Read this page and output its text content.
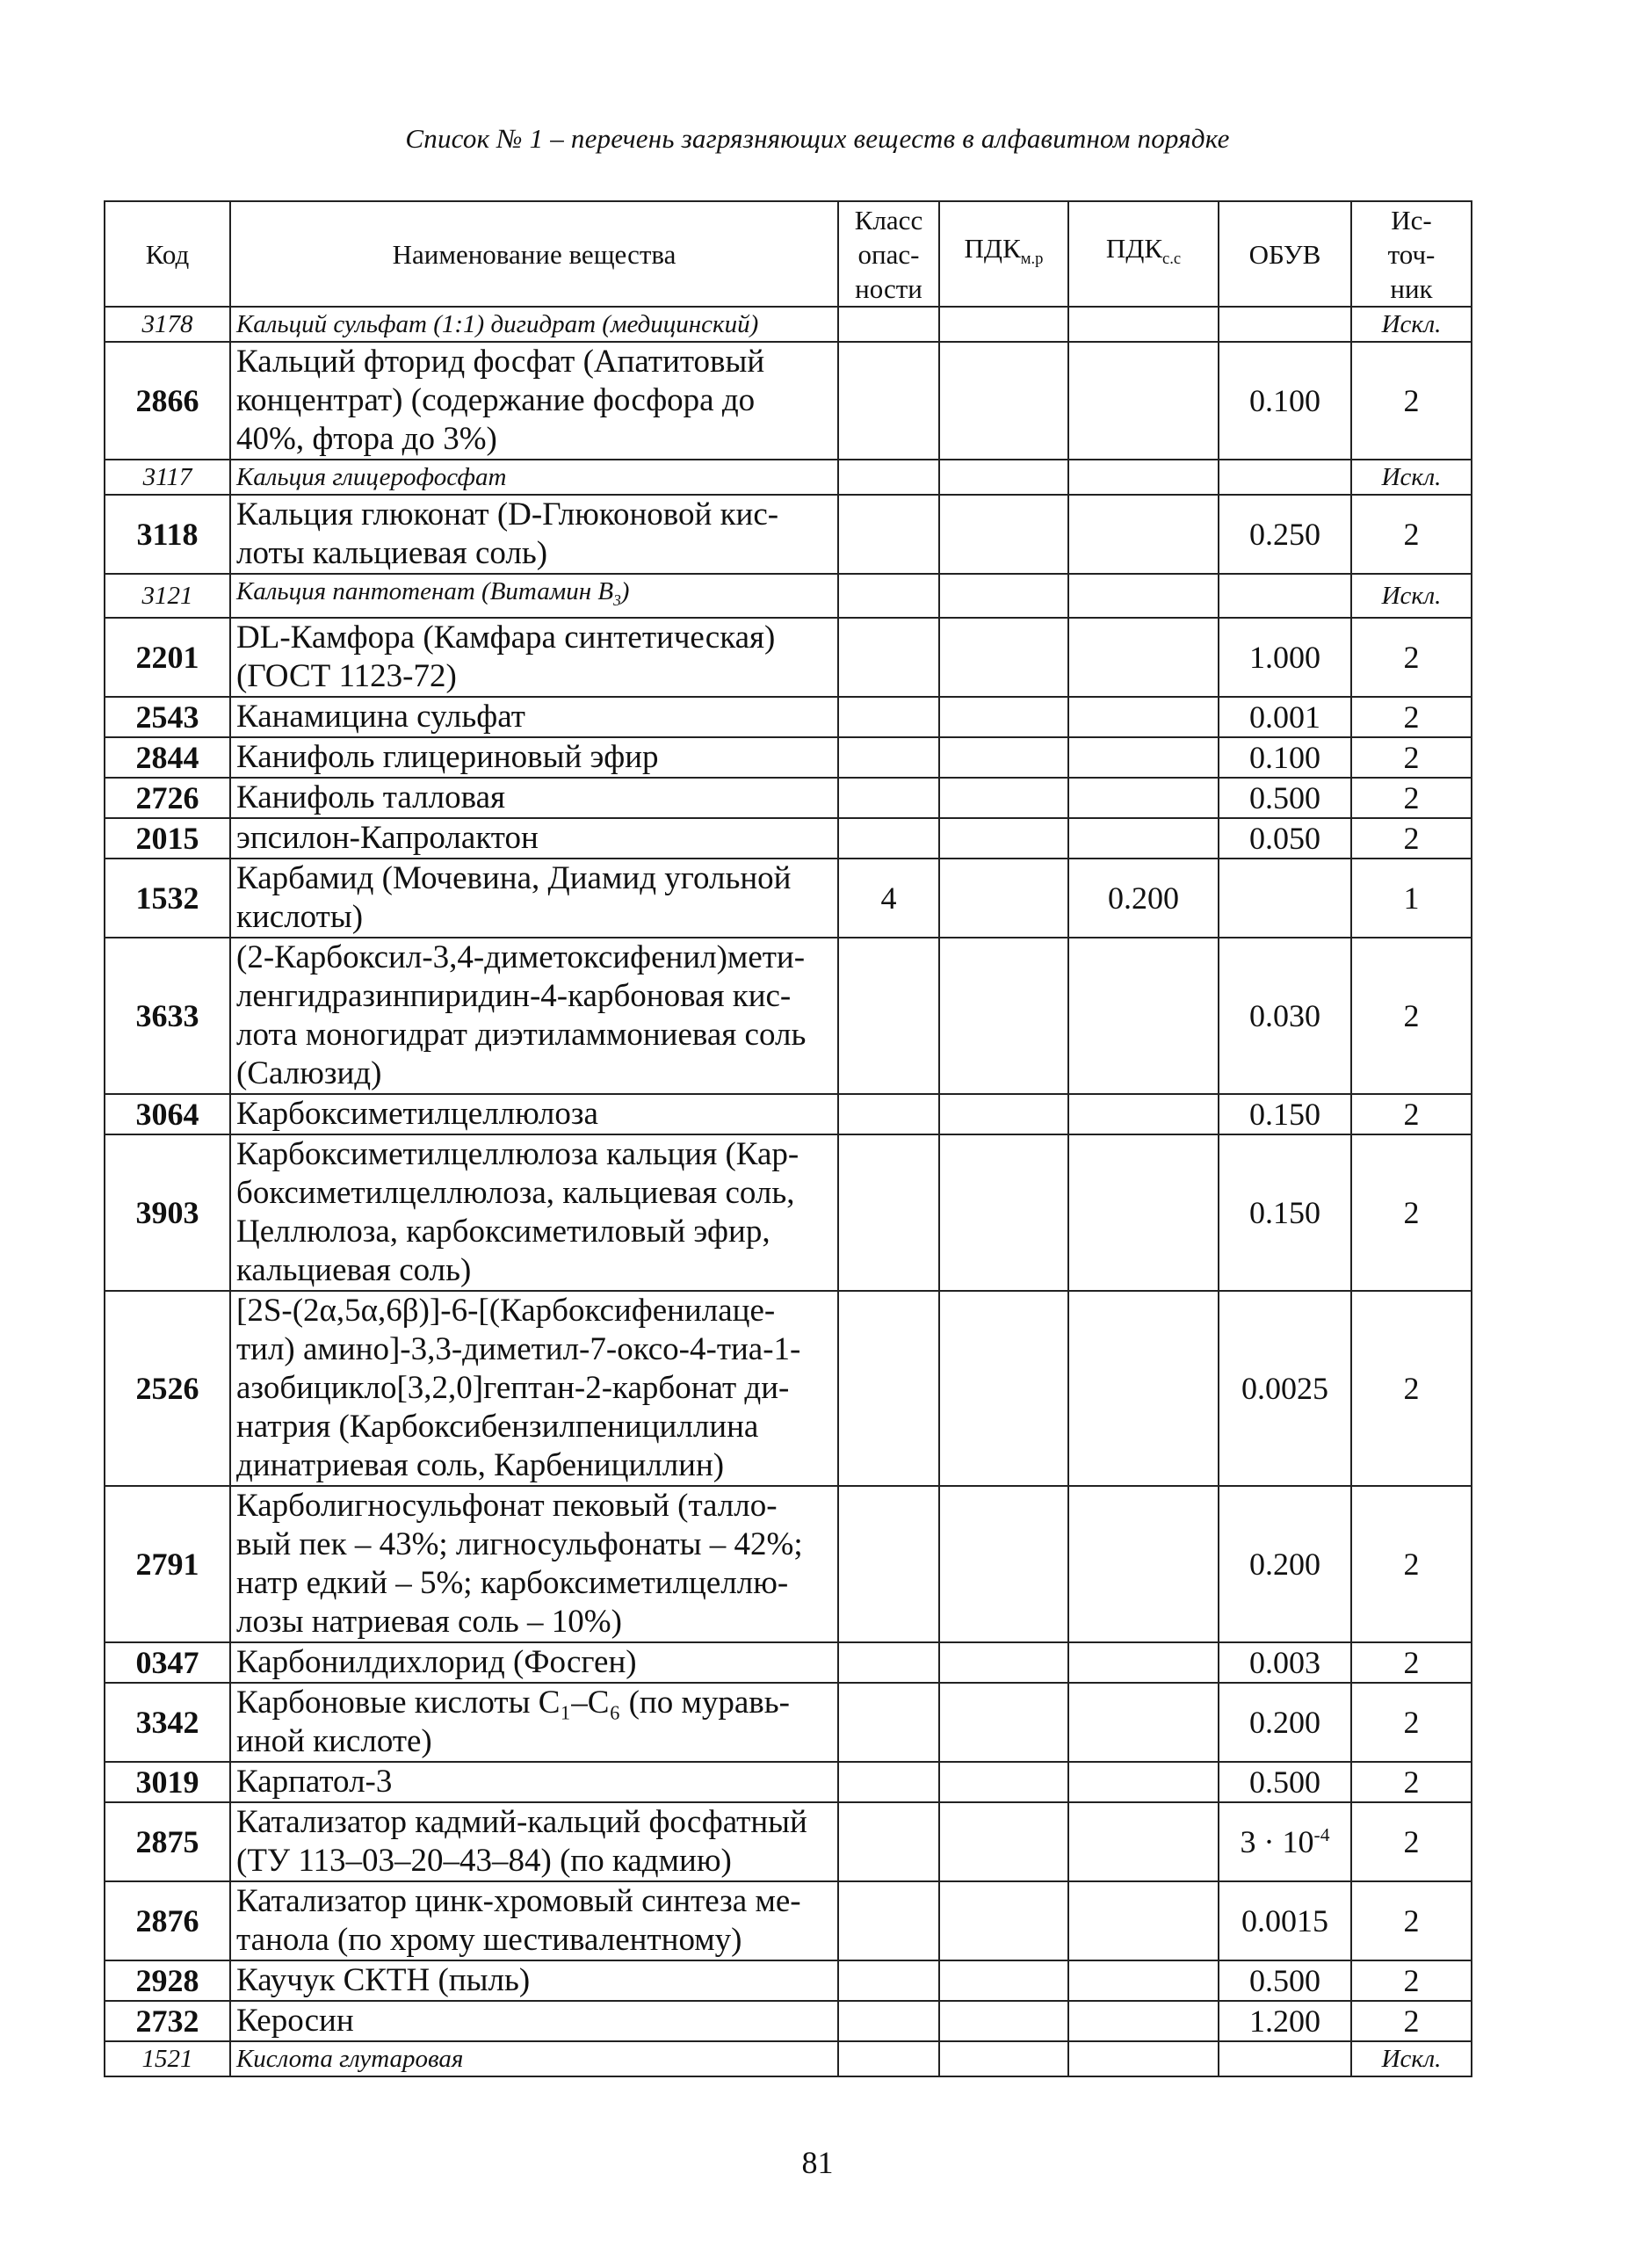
Список № 1 – перечень загрязняющих веществ в алфавитном порядке
Код	Наименование вещества	Класс
опас-
ности	$ПДК_{м.р}$	$ПДК_{с.с}$	ОБУВ	Ис-
точ-
ник
3178	Кальций сульфат (1:1) дигидрат (медицинский)					Искл.
2866	Кальций фторид фосфат (Апатитовый
концентрат) (содержание фосфора до
40%, фтора до 3%)				0.100	2
3117	Кальция глицерофосфат					Искл.
3118	Кальция глюконат (D-Глюконовой кис-
лоты кальциевая соль)				0.250	2
3121	Кальция пантотенат (Витамин $B_3$)					Искл.
2201	DL-Камфора (Камфара синтетическая)
(ГОСТ 1123-72)				1.000	2
2543	Канамицина сульфат				0.001	2
2844	Канифоль глицериновый эфир				0.100	2
2726	Канифоль талловая				0.500	2
2015	эпсилон-Капролактон				0.050	2
1532	Карбамид (Мочевина, Диамид угольной
кислоты)	4		0.200		1
3633	(2-Карбоксил-3,4-диметоксифенил)мети-
ленгидразинпиридин-4-карбоновая кис-
лота моногидрат диэтиламмониевая соль
(Салюзид)				0.030	2
3064	Карбоксиметилцеллюлоза				0.150	2
3903	Карбоксиметилцеллюлоза кальция (Кар-
боксиметилцеллюлоза, кальциевая соль,
Целлюлоза, карбоксиметиловый эфир,
кальциевая соль)				0.150	2
2526	[2S-(2α,5α,6β)]-6-[(Карбоксифенилаце-
тил) амино]-3,3-диметил-7-оксо-4-тиа-1-
азобицикло[3,2,0]гептан-2-карбонат ди-
натрия (Карбоксибензилпенициллина
динатриевая соль, Карбенициллин)				0.0025	2
2791	Карболигносульфонат пековый (талло-
вый пек – 43%; лигносульфонаты – 42%;
натр едкий – 5%; карбоксиметилцеллю-
лозы натриевая соль – 10%)				0.200	2
0347	Карбонилдихлорид (Фосген)				0.003	2
3342	Карбоновые кислоты C₁–C₆ (по муравь-
иной кислоте)				0.200	2
3019	Карпатол-3				0.500	2
2875	Катализатор кадмий-кальций фосфатный
(ТУ 113–03–20–43–84) (по кадмию)				$3 \cdot 10^{-4}$	2
2876	Катализатор цинк-хромовый синтеза ме-
танола (по хрому шестивалентному)				0.0015	2
2928	Каучук СКТН (пыль)				0.500	2
2732	Керосин				1.200	2
1521	Кислота глутаровая					Искл.
81
